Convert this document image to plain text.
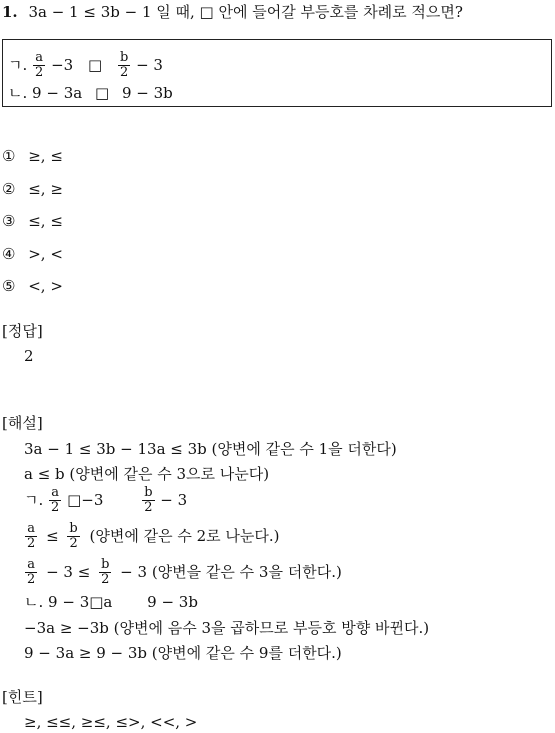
1. 3a − 1 ≤ 3b − 1 일 때, □ 안에 들어갈 부등호를 차례로 적으면?
ㄱ. $\frac{a}{2} -3$ □ $\frac{b}{2} - 3$
ㄴ. 9 − 3a □ 9 − 3b
① ≥, ≤
② ≤, ≥
③ ≤, ≤
④ >, <
⑤ <, >
[정답]
2
[해설]
3a − 1 ≤ 3b − 13a ≤ 3b (양변에 같은 수 1을 더한다)
a ≤ b (양변에 같은 수 3으로 나눈다)
ㄱ. $\frac{a}{2}$ □−3	$\frac{b}{2} - 3$
$\frac{a}{2} \le \frac{b}{2}$ (양변에 같은 수 2로 나눈다.)
$\frac{a}{2} - 3 \le \frac{b}{2} - 3$ (양변을 같은 수 3을 더한다.)
ㄴ. 9 − 3□a 9 − 3b
−3a ≥ −3b (양변에 음수 3을 곱하므로 부등호 방향 바뀐다.)
9 − 3a ≥ 9 − 3b (양변에 같은 수 9를 더한다.)
[힌트]
≥, ≤≤, ≥≤, ≤>, <<, >
